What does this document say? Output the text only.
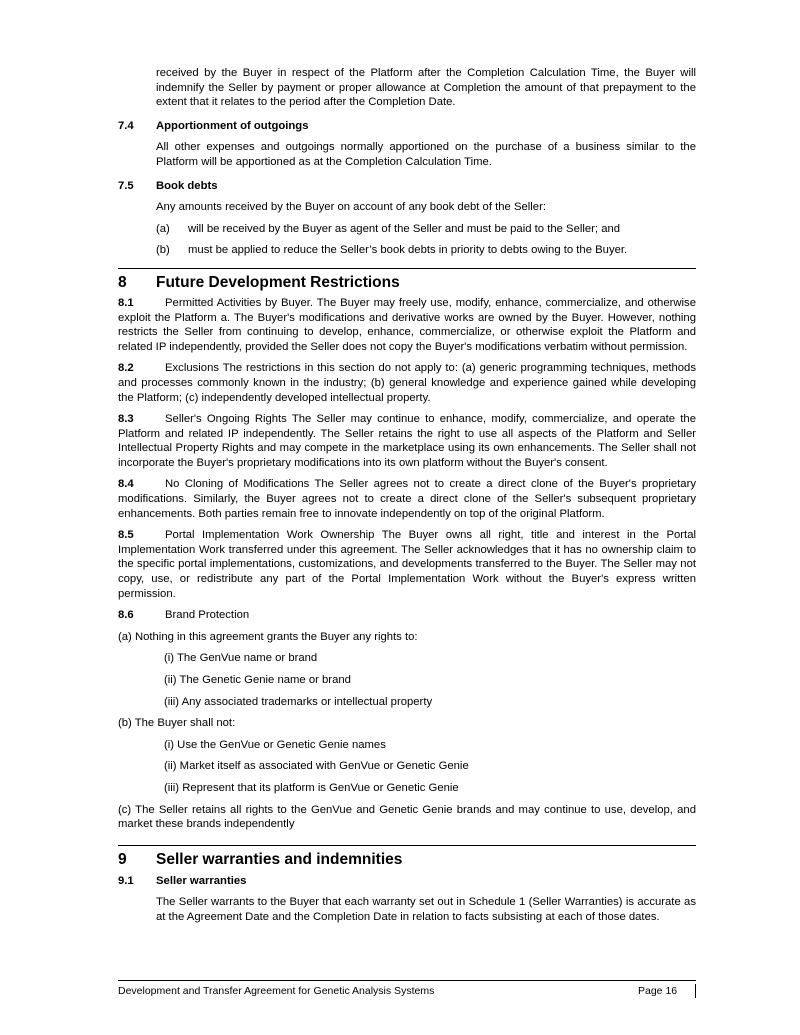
received by the Buyer in respect of the Platform after the Completion Calculation Time, the Buyer will indemnify the Seller by payment or proper allowance at Completion the amount of that prepayment to the extent that it relates to the period after the Completion Date.

7.4	Apportionment of outgoings

All other expenses and outgoings normally apportioned on the purchase of a business similar to the Platform will be apportioned as at the Completion Calculation Time.

7.5	Book debts

Any amounts received by the Buyer on account of any book debt of the Seller:

(a)	will be received by the Buyer as agent of the Seller and must be paid to the Seller; and
(b)	must be applied to reduce the Seller’s book debts in priority to debts owing to the Buyer.
8	Future Development Restrictions

8.1	Permitted Activities by Buyer. The Buyer may freely use, modify, enhance, commercialize, and otherwise exploit the Platform a. The Buyer's modifications and derivative works are owned by the Buyer. However, nothing restricts the Seller from continuing to develop, enhance, commercialize, or otherwise exploit the Platform and related IP independently, provided the Seller does not copy the Buyer's modifications verbatim without permission.

8.2	Exclusions The restrictions in this section do not apply to: (a) generic programming techniques, methods and processes commonly known in the industry; (b) general knowledge and experience gained while developing the Platform; (c) independently developed intellectual property.

8.3	Seller's Ongoing Rights The Seller may continue to enhance, modify, commercialize, and operate the Platform and related IP independently. The Seller retains the right to use all aspects of the Platform and Seller Intellectual Property Rights and may compete in the marketplace using its own enhancements. The Seller shall not incorporate the Buyer's proprietary modifications into its own platform without the Buyer's consent.

8.4	No Cloning of Modifications The Seller agrees not to create a direct clone of the Buyer's proprietary modifications. Similarly, the Buyer agrees not to create a direct clone of the Seller's subsequent proprietary enhancements. Both parties remain free to innovate independently on top of the original Platform.

8.5	Portal Implementation Work Ownership The Buyer owns all right, title and interest in the Portal Implementation Work transferred under this agreement. The Seller acknowledges that it has no ownership claim to the specific portal implementations, customizations, and developments transferred to the Buyer. The Seller may not copy, use, or redistribute any part of the Portal Implementation Work without the Buyer's express written permission.

8.6	Brand Protection

(a) Nothing in this agreement grants the Buyer any rights to:

(i) The GenVue name or brand

(ii) The Genetic Genie name or brand

(iii) Any associated trademarks or intellectual property

(b) The Buyer shall not:

(i) Use the GenVue or Genetic Genie names

(ii) Market itself as associated with GenVue or Genetic Genie

(iii) Represent that its platform is GenVue or Genetic Genie

(c) The Seller retains all rights to the GenVue and Genetic Genie brands and may continue to use, develop, and market these brands independently

9	Seller warranties and indemnities
9.1	Seller warranties

The Seller warrants to the Buyer that each warranty set out in Schedule 1 (Seller Warranties) is accurate as at the Agreement Date and the Completion Date in relation to facts subsisting at each of those dates.

Development and Transfer Agreement for Genetic Analysis Systems	Page 16
